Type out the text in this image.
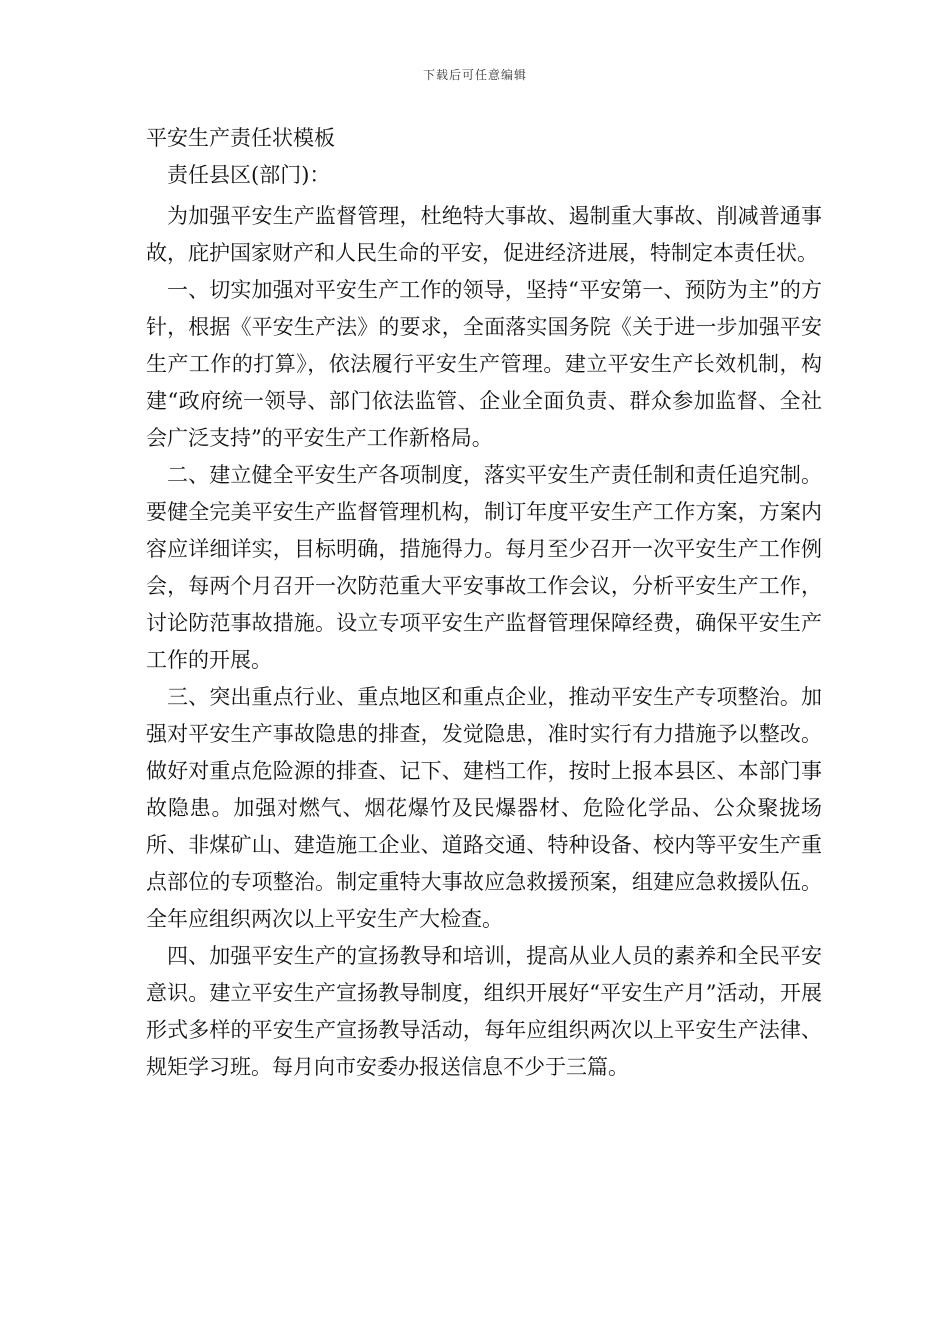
下载后可任意编辑
平安生产责任状模板

责任县区(部门)：

为加强平安生产监督管理，杜绝特大事故、遏制重大事故、削减普通事故，庇护国家财产和人民生命的平安，促进经济进展，特制定本责任状。

一、切实加强对平安生产工作的领导，坚持“平安第一、预防为主”的方针，根据《平安生产法》的要求，全面落实国务院《关于进一步加强平安生产工作的打算》，依法履行平安生产管理。建立平安生产长效机制，构建“政府统一领导、部门依法监管、企业全面负责、群众参加监督、全社会广泛支持”的平安生产工作新格局。

二、建立健全平安生产各项制度，落实平安生产责任制和责任追究制。要健全完美平安生产监督管理机构，制订年度平安生产工作方案，方案内容应详细详实，目标明确，措施得力。每月至少召开一次平安生产工作例会，每两个月召开一次防范重大平安事故工作会议，分析平安生产工作，讨论防范事故措施。设立专项平安生产监督管理保障经费，确保平安生产工作的开展。

三、突出重点行业、重点地区和重点企业，推动平安生产专项整治。加强对平安生产事故隐患的排查，发觉隐患，准时实行有力措施予以整改。做好对重点危险源的排查、记下、建档工作，按时上报本县区、本部门事故隐患。加强对燃气、烟花爆竹及民爆器材、危险化学品、公众聚拢场所、非煤矿山、建造施工企业、道路交通、特种设备、校内等平安生产重点部位的专项整治。制定重特大事故应急救援预案，组建应急救援队伍。全年应组织两次以上平安生产大检查。

四、加强平安生产的宣扬教导和培训，提高从业人员的素养和全民平安意识。建立平安生产宣扬教导制度，组织开展好“平安生产月”活动，开展形式多样的平安生产宣扬教导活动，每年应组织两次以上平安生产法律、规矩学习班。每月向市安委办报送信息不少于三篇。
